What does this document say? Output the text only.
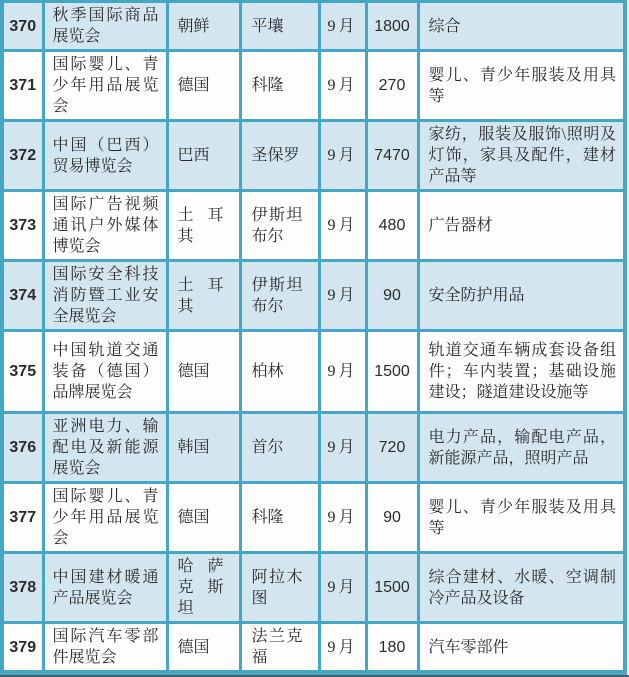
370	秋季国际商品展览会	朝鲜	平壤	9月	1800	综合
371	国际婴儿、青少年用品展览会	德国	科隆	9月	270	婴儿、青少年服装及用具等
372	中国（巴西）贸易博览会	巴西	圣保罗	9月	7470	家纺，服装及服饰\照明及灯饰，家具及配件，建材产品等
373	国际广告视频通讯户外媒体博览会	土耳其	伊斯坦布尔	9月	480	广告器材
374	国际安全科技消防暨工业安全展览会	土耳其	伊斯坦布尔	9月	90	安全防护用品
375	中国轨道交通装备（德国）品牌展览会	德国	柏林	9月	1500	轨道交通车辆成套设备组件；车内装置；基础设施建设；隧道建设设施等
376	亚洲电力、输配电及新能源展览会	韩国	首尔	9月	720	电力产品，输配电产品，新能源产品，照明产品
377	国际婴儿、青少年用品展览会	德国	科隆	9月	90	婴儿、青少年服装及用具等
378	中国建材暖通产品展览会	哈萨克斯坦	阿拉木图	9月	1500	综合建材、水暖、空调制冷产品及设备
379	国际汽车零部件展览会	德国	法兰克福	9月	180	汽车零部件
